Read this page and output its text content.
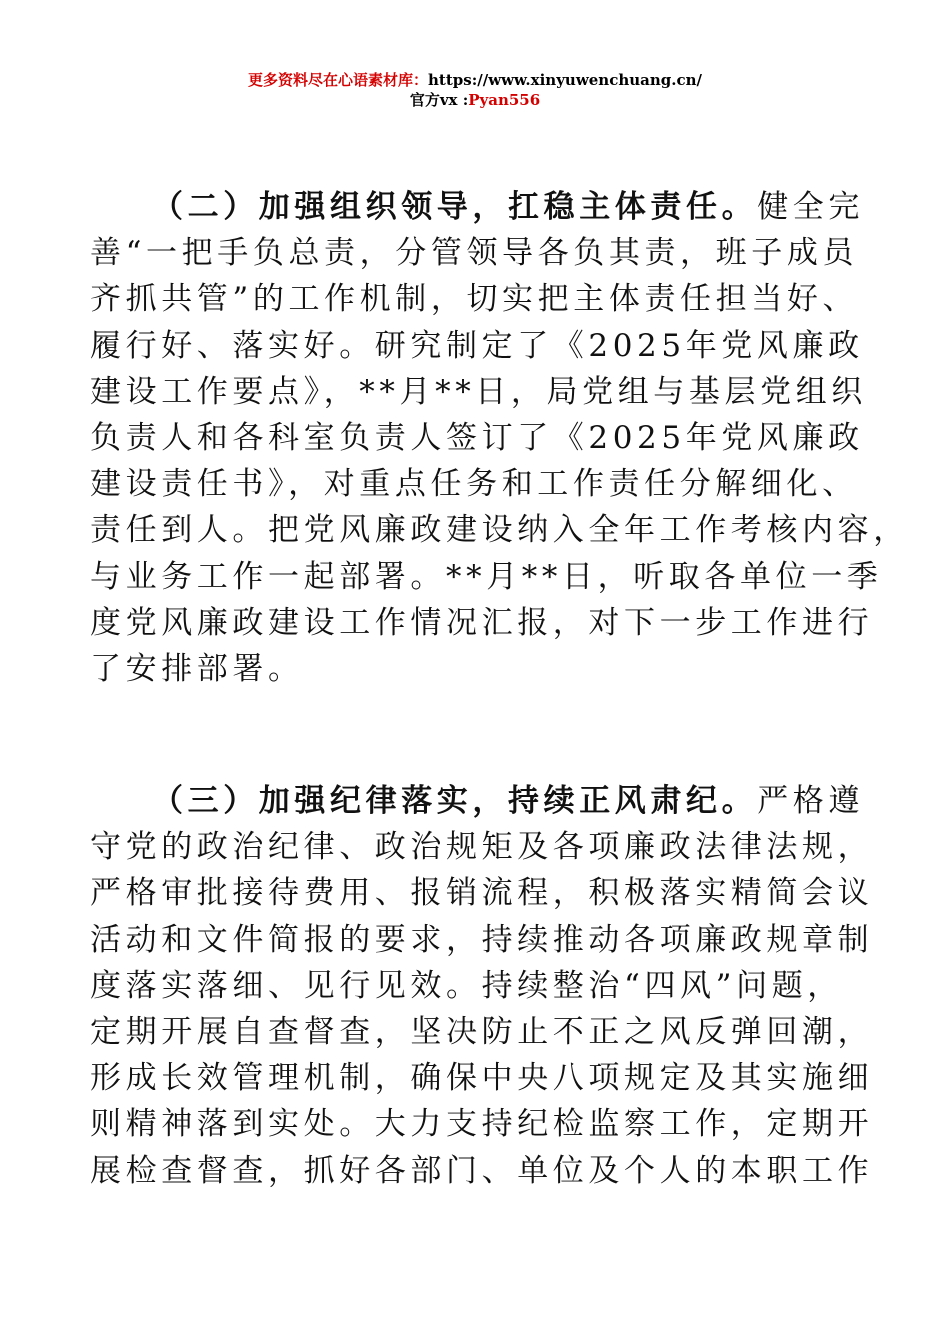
更多资料尽在心语素材库：https://www.xinyuwenchuang.cn/
官方vx :Pyan556
（二）加强组织领导，扛稳主体责任。健全完
善“一把手负总责，分管领导各负其责，班子成员
齐抓共管”的工作机制，切实把主体责任担当好、
履行好、落实好。研究制定了《2025年党风廉政
建设工作要点》，**月**日，局党组与基层党组织
负责人和各科室负责人签订了《2025年党风廉政
建设责任书》，对重点任务和工作责任分解细化、
责任到人。把党风廉政建设纳入全年工作考核内容，
与业务工作一起部署。**月**日，听取各单位一季
度党风廉政建设工作情况汇报，对下一步工作进行
了安排部署。
（三）加强纪律落实，持续正风肃纪。严格遵
守党的政治纪律、政治规矩及各项廉政法律法规，
严格审批接待费用、报销流程，积极落实精简会议
活动和文件简报的要求，持续推动各项廉政规章制
度落实落细、见行见效。持续整治“四风”问题，
定期开展自查督查，坚决防止不正之风反弹回潮，
形成长效管理机制，确保中央八项规定及其实施细
则精神落到实处。大力支持纪检监察工作，定期开
展检查督查，抓好各部门、单位及个人的本职工作
